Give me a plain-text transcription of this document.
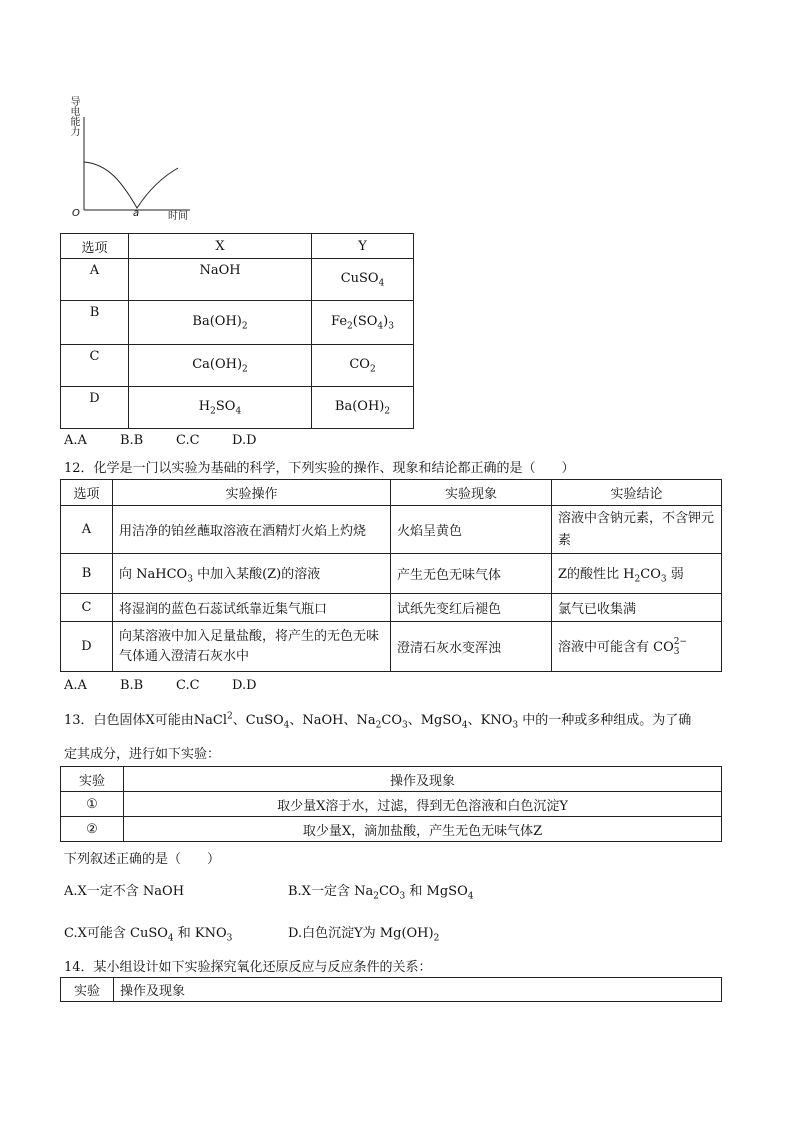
导电能力
O	a	时间
选项	X	Y
A	NaOH	CuSO$_4$
B	$Ba(OH)_2$	$Fe_2(SO_4)_3$
C	$Ca(OH)_2$	$CO_2$
D	$H_2SO_4$	$Ba(OH)_2$
A.A	B.B	C.C D.D
12．化学是一门以实验为基础的科学，下列实验的操作、现象和结论都正确的是（　　）
选项	实验操作	实验现象	实验结论
A	用洁净的铂丝蘸取溶液在酒精灯火焰上灼烧	火焰呈黄色	溶液中含钠元素，不含钾元素
B	向 NaHCO$_3$ 中加入某酸(Z)的溶液	产生无色无味气体	Z的酸性比 $H_2CO_3$ 弱
C	将湿润的蓝色石蕊试纸靠近集气瓶口	试纸先变红后褪色	氯气已收集满
D	向某溶液中加入足量盐酸，将产生的无色无味气体通入澄清石灰水中	澄清石灰水变浑浊	溶液中可能含有 CO 2−
3
A.A	B.B	C.C D.D
13．白色固体X可能由NaCl$^2$、CuSO$_4$、NaOH、$Na_2CO_3$、MgSO$_4$、$KNO_3$ 中的一种或多种组成。为了确
定其成分，进行如下实验：
实验	操作及现象
①	取少量X溶于水，过滤，得到无色溶液和白色沉淀Y
②	取少量X，滴加盐酸，产生无色无味气体Z
下列叙述正确的是（　　）
A.X一定不含 NaOH	B.X一定含 $Na_2CO_3$ 和 MgSO$_4$
C.X可能含 CuSO$_4$ 和 $KNO_3$	D.白色沉淀Y为 $Mg(OH)_2$
14．某小组设计如下实验探究氧化还原反应与反应条件的关系：
实验	操作及现象
